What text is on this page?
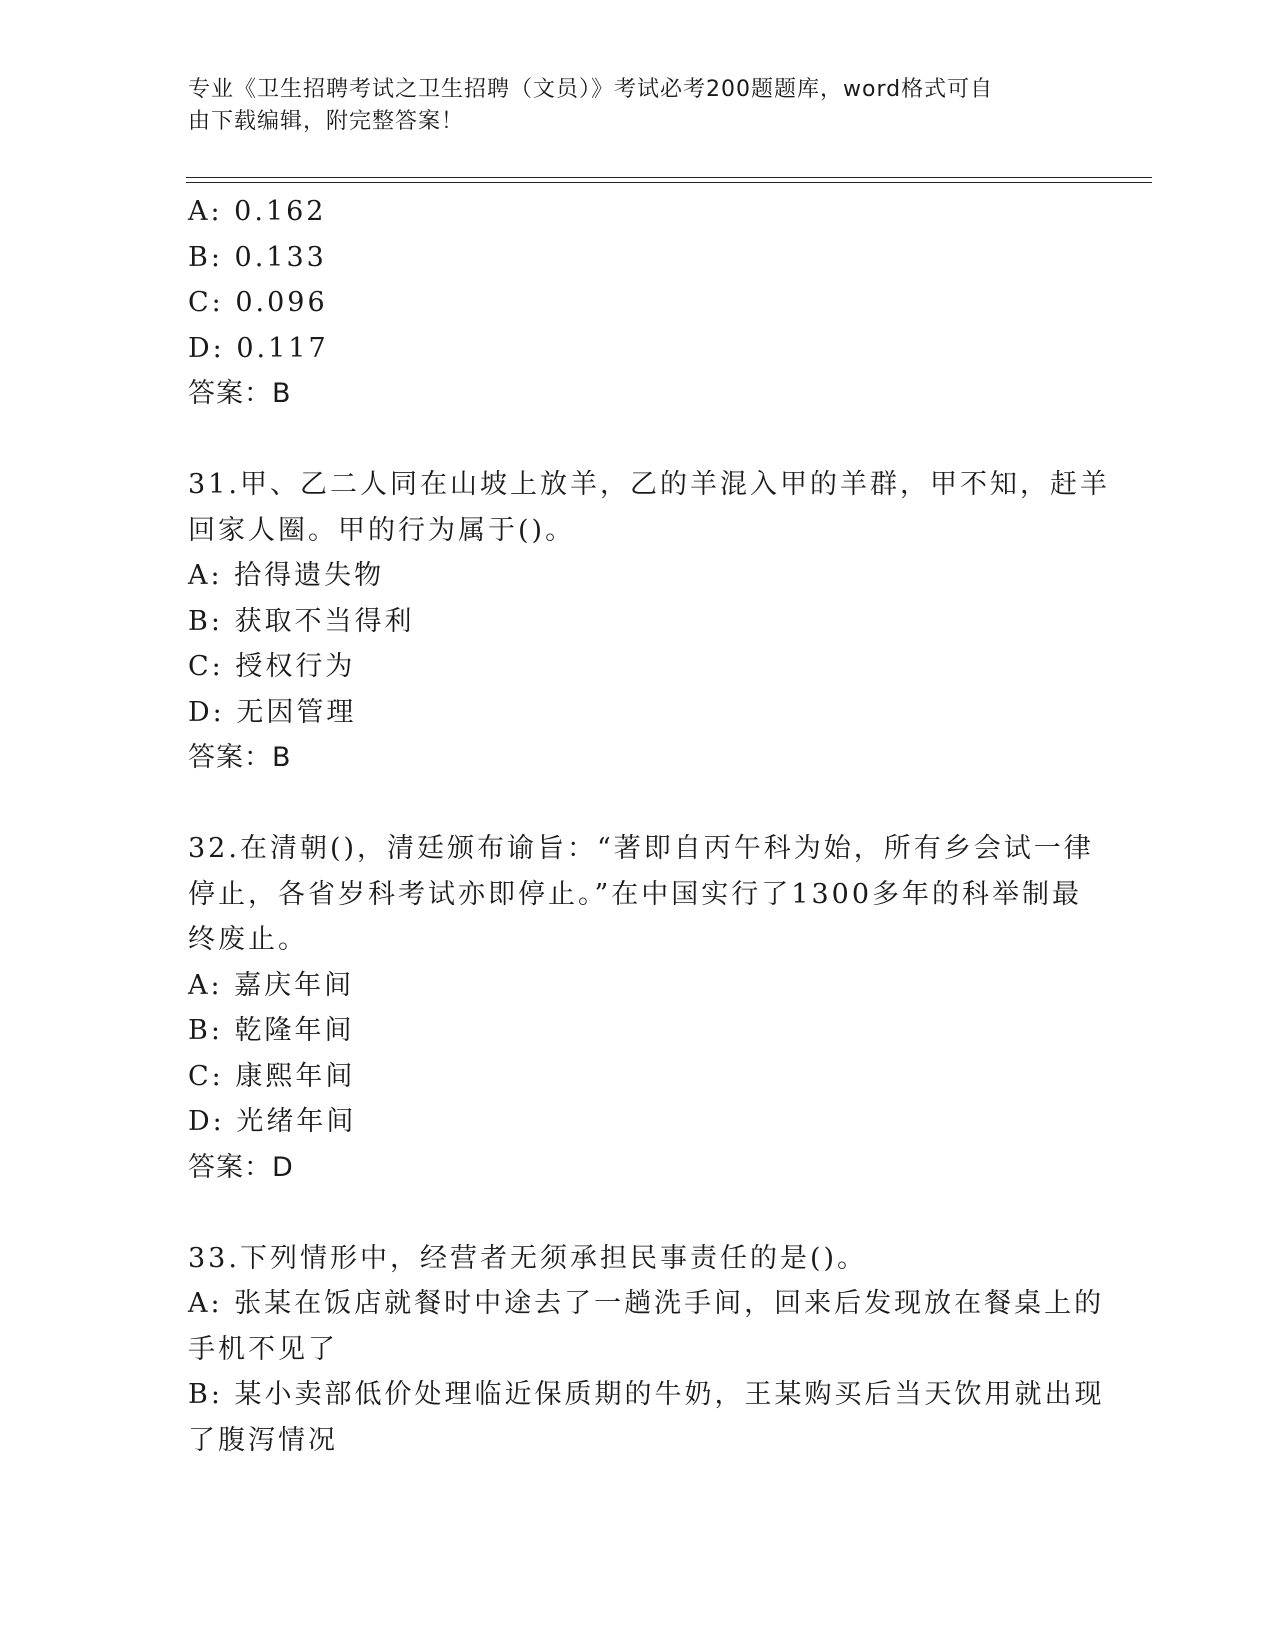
专业《卫生招聘考试之卫生招聘（文员）》考试必考200题题库，word格式可自
由下载编辑，附完整答案！
A: 0.162
B: 0.133
C: 0.096
D: 0.117
答案：B
31.甲、乙二人同在山坡上放羊，乙的羊混入甲的羊群，甲不知，赶羊
回家人圈。甲的行为属于()。
A: 拾得遗失物
B: 获取不当得利
C: 授权行为
D: 无因管理
答案：B
32.在清朝()，清廷颁布谕旨：“著即自丙午科为始，所有乡会试一律
停止，各省岁科考试亦即停止。”在中国实行了1300多年的科举制最
终废止。
A: 嘉庆年间
B: 乾隆年间
C: 康熙年间
D: 光绪年间
答案：D
33.下列情形中，经营者无须承担民事责任的是()。
A: 张某在饭店就餐时中途去了一趟洗手间，回来后发现放在餐桌上的
手机不见了
B: 某小卖部低价处理临近保质期的牛奶，王某购买后当天饮用就出现
了腹泻情况
